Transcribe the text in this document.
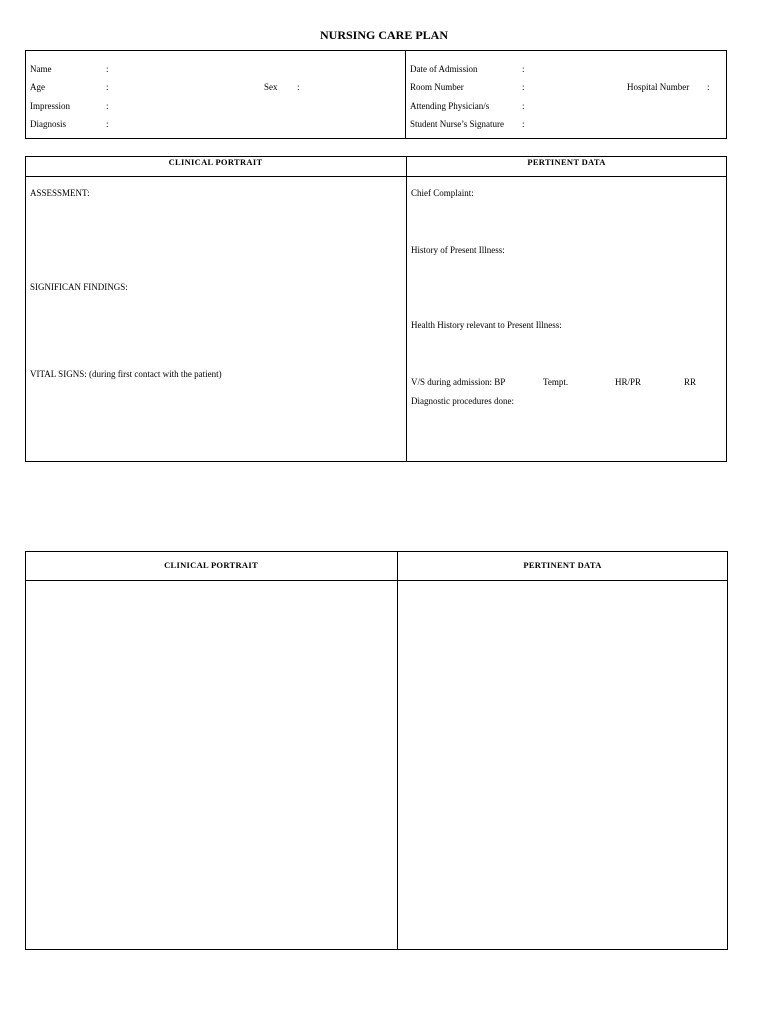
NURSING CARE PLAN
Name	:
Age	:	Sex :
Impression	:
Diagnosis	:
Date of Admission	:
Room Number	:	Hospital Number :
Attending Physician/s	:
Student Nurse’s Signature :
CLINICAL PORTRAIT	PERTINENT DATA
ASSESSMENT:
SIGNIFICAN FINDINGS:
VITAL SIGNS: (during first contact with the patient)
Chief Complaint:
History of Present Illness:
Health History relevant to Present Illness:
V/S during admission: BP	Tempt.	HR/PR	RR
Diagnostic procedures done:
CLINICAL PORTRAIT	PERTINENT DATA
